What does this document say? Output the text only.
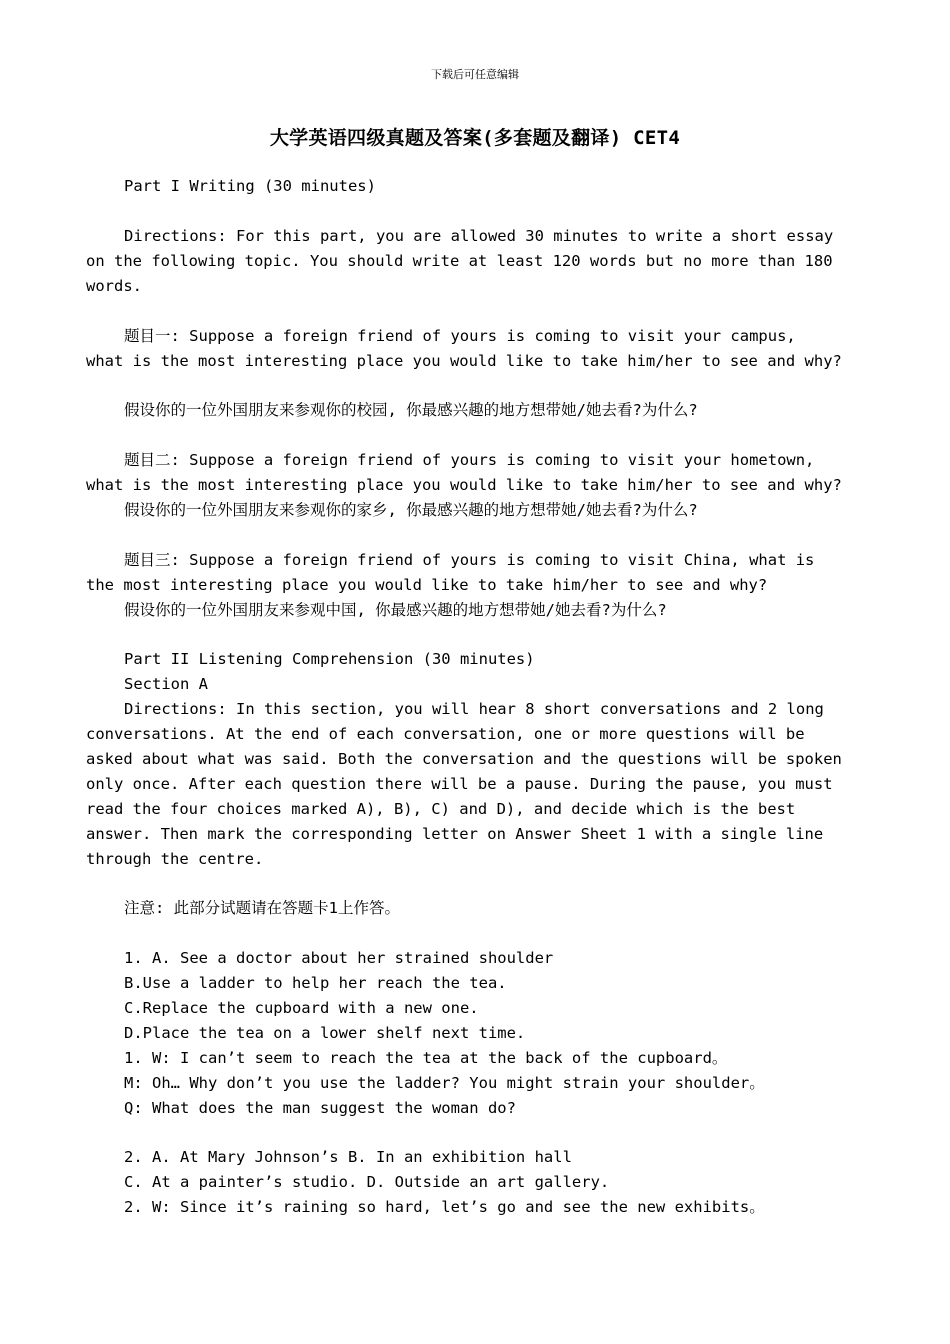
下载后可任意编辑
大学英语四级真题及答案(多套题及翻译) CET4
Part I Writing (30 minutes)
Directions: For this part, you are allowed 30 minutes to write a short essay
on the following topic. You should write at least 120 words but no more than 180
words.
题目一: Suppose a foreign friend of yours is coming to visit your campus,
what is the most interesting place you would like to take him/her to see and why?
假设你的一位外国朋友来参观你的校园, 你最感兴趣的地方想带她/她去看?为什么?
题目二: Suppose a foreign friend of yours is coming to visit your hometown,
what is the most interesting place you would like to take him/her to see and why?
假设你的一位外国朋友来参观你的家乡, 你最感兴趣的地方想带她/她去看?为什么?
题目三: Suppose a foreign friend of yours is coming to visit China, what is
the most interesting place you would like to take him/her to see and why?
假设你的一位外国朋友来参观中国, 你最感兴趣的地方想带她/她去看?为什么?
Part II Listening Comprehension (30 minutes)
Section A
Directions: In this section, you will hear 8 short conversations and 2 long
conversations. At the end of each conversation, one or more questions will be
asked about what was said. Both the conversation and the questions will be spoken
only once. After each question there will be a pause. During the pause, you must
read the four choices marked A), B), C) and D), and decide which is the best
answer. Then mark the corresponding letter on Answer Sheet 1 with a single line
through the centre.
注意: 此部分试题请在答题卡1上作答。
1. A. See a doctor about her strained shoulder
B.Use a ladder to help her reach the tea.
C.Replace the cupboard with a new one.
D.Place the tea on a lower shelf next time.
1. W: I can’t seem to reach the tea at the back of the cupboard。
M: Oh… Why don’t you use the ladder? You might strain your shoulder。
Q: What does the man suggest the woman do?
2. A. At Mary Johnson’s B. In an exhibition hall
C. At a painter’s studio. D. Outside an art gallery.
2. W: Since it’s raining so hard, let’s go and see the new exhibits。
